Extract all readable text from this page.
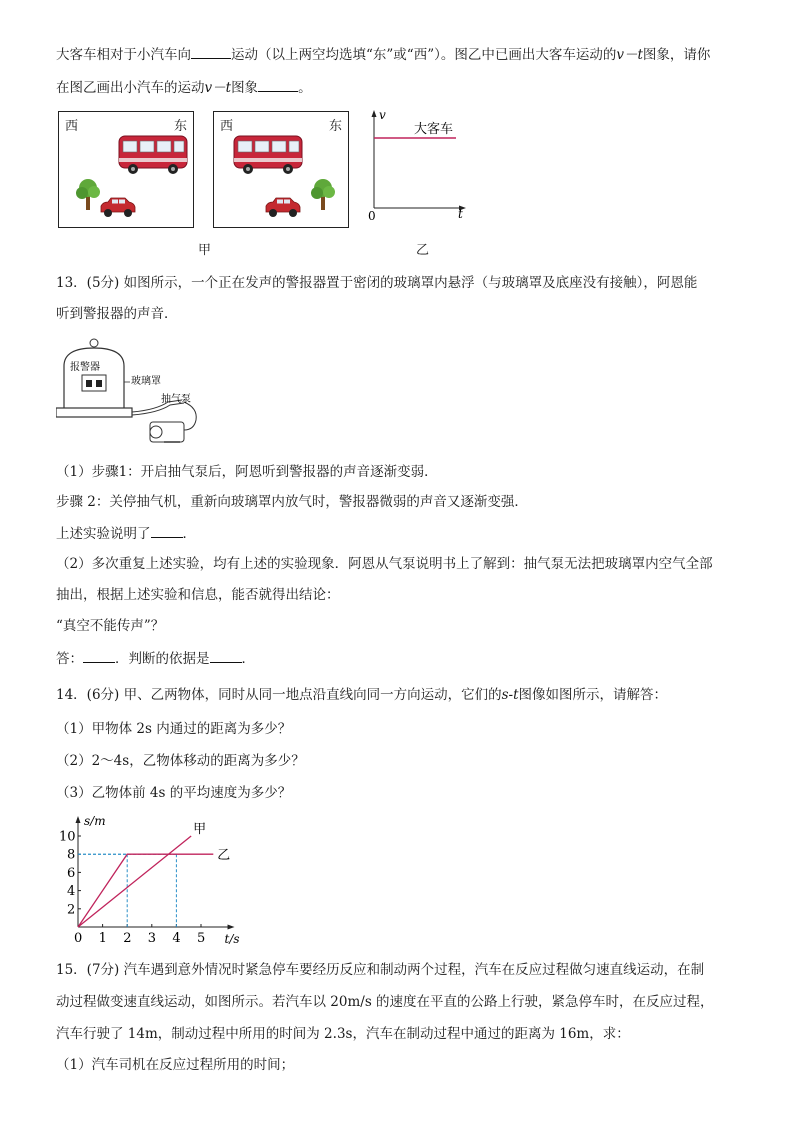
大客车相对于小汽车向	运动（以上两空均选填“东”或“西”）。图乙中已画出大客车运动的v－t图象，请你
在图乙画出小汽车的运动v－t图象	。
西	东	西	东
v
t
0
大客车
甲	乙
13．(5分) 如图所示，一个正在发声的警报器置于密闭的玻璃罩内悬浮（与玻璃罩及底座没有接触），阿恩能
听到警报器的声音．
报警器
玻璃罩
抽气泵
（1）步骤1：开启抽气泵后，阿恩听到警报器的声音逐渐变弱．
步骤 2：关停抽气机，重新向玻璃罩内放气时，警报器微弱的声音又逐渐变强．
上述实验说明了 ．
（2）多次重复上述实验，均有上述的实验现象．阿恩从气泵说明书上了解到：抽气泵无法把玻璃罩内空气全部
抽出，根据上述实验和信息，能否就得出结论：
“真空不能传声”？
答： ．判断的依据是 ．
14．(6分) 甲、乙两物体，同时从同一地点沿直线向同一方向运动，它们的s-t图像如图所示，请解答：
（1）甲物体 2s 内通过的距离为多少？
（2）2～4s，乙物体移动的距离为多少？
（3）乙物体前 4s 的平均速度为多少？
s/m
t/s
0 1 2 3 4 5
2
4
6
8
10	甲
乙
15．(7分) 汽车遇到意外情况时紧急停车要经历反应和制动两个过程，汽车在反应过程做匀速直线运动，在制
动过程做变速直线运动，如图所示。若汽车以 20m/s 的速度在平直的公路上行驶，紧急停车时，在反应过程，
汽车行驶了 14m，制动过程中所用的时间为 2.3s，汽车在制动过程中通过的距离为 16m，求：
（1）汽车司机在反应过程所用的时间；
